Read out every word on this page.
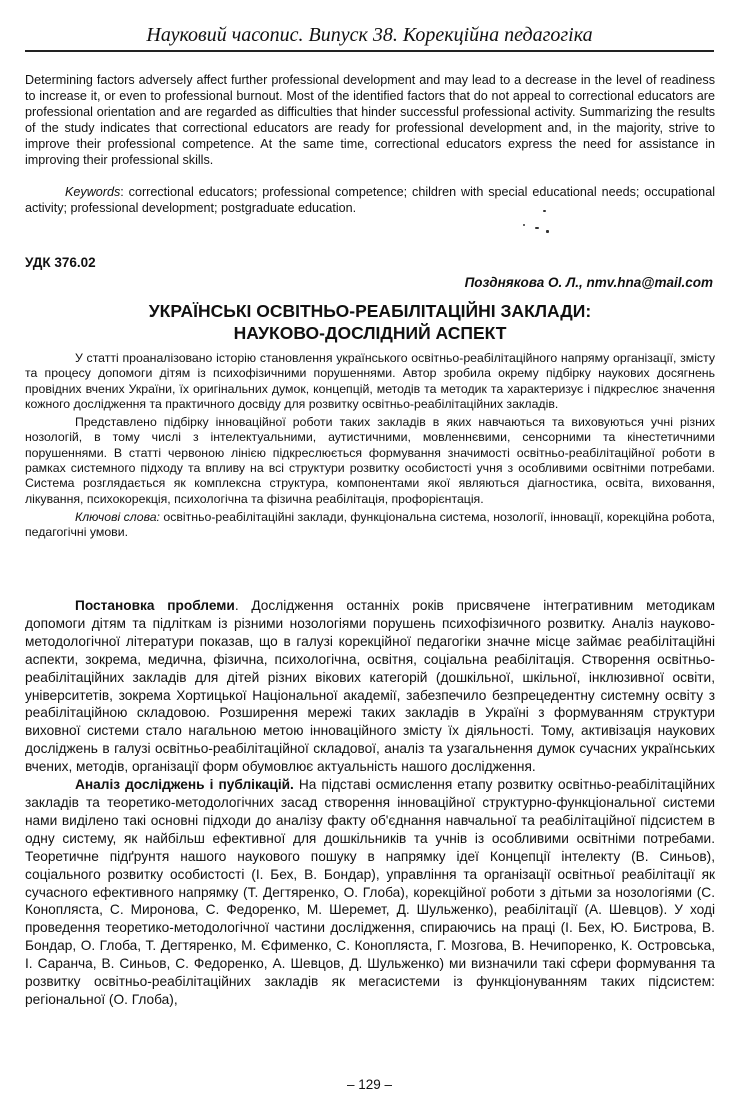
Науковий часопис. Випуск 38. Корекційна педагогіка

Determining factors adversely affect further professional development and may lead to a decrease in the level of readiness to increase it, or even to professional burnout. Most of the identified factors that do not appeal to correctional educators are professional orientation and are regarded as difficulties that hinder successful professional activity. Summarizing the results of the study indicates that correctional educators are ready for professional development and, in the majority, strive to improve their professional competence. At the same time, correctional educators express the need for assistance in improving their professional skills.

Keywords: correctional educators; professional competence; children with special educational needs; occupational activity; professional development; postgraduate education.

УДК 376.02
Позднякова О. Л., nmv.hna@mail.com
УКРАЇНСЬКІ ОСВІТНЬО-РЕАБІЛІТАЦІЙНІ ЗАКЛАДИ:
НАУКОВО-ДОСЛІДНИЙ АСПЕКТ

У статті проаналізовано історію становлення українського освітньо-реабілітаційного напряму організації, змісту та процесу допомоги дітям із психофізичними порушеннями. Автор зробила окрему підбірку наукових досягнень провідних вчених України, їх оригінальних думок, концепцій, методів та методик та характеризує і підкреслює значення кожного дослідження та практичного досвіду для розвитку освітньо-реабілітаційних закладів.

Представлено підбірку інноваційної роботи таких закладів в яких навчаються та виховуються учні різних нозологій, в тому числі з інтелектуальними, аутистичними, мовленнєвими, сенсорними та кінестетичними порушеннями. В статті червоною лінією підкреслюється формування значимості освітньо-реабілітаційної роботи в рамках системного підходу та впливу на всі структури розвитку особистості учня з особливими освітніми потребами. Система розглядається як комплексна структура, компонентами якої являються діагностика, освіта, виховання, лікування, психокорекція, психологічна та фізична реабілітація, профорієнтація.

Ключові слова: освітньо-реабілітаційні заклади, функціональна система, нозології, інновації, корекційна робота, педагогічні умови.

Постановка проблеми. Дослідження останніх років присвячене інтегративним методикам допомоги дітям та підліткам із різними нозологіями порушень психофізичного розвитку. Аналіз науково-методологічної літератури показав, що в галузі корекційної педагогіки значне місце займає реабілітаційні аспекти, зокрема, медична, фізична, психологічна, освітня, соціальна реабілітація. Створення освітньо-реабілітаційних закладів для дітей різних вікових категорій (дошкільної, шкільної, інклюзивної освіти, університетів, зокрема Хортицької Національної академії, забезпечило безпрецедентну системну освіту з реабілітаційною складовою. Розширення мережі таких закладів в Україні з формуванням структури виховної системи стало нагальною метою інноваційного змісту їх діяльності. Тому, активізація наукових досліджень в галузі освітньо-реабілітаційної складової, аналіз та узагальнення думок сучасних українських вчених, методів, організації форм обумовлює актуальність нашого дослідження.

Аналіз досліджень і публікацій. На підставі осмислення етапу розвитку освітньо-реабілітаційних закладів та теоретико-методологічних засад створення інноваційної структурно-функціональної системи нами виділено такі основні підходи до аналізу факту об'єднання навчальної та реабілітаційної підсистем в одну систему, як найбільш ефективної для дошкільників та учнів із особливими освітніми потребами. Теоретичне підґрунтя нашого наукового пошуку в напрямку ідеї Концепції інтелекту (В. Синьов), соціального розвитку особистості (І. Бех, В. Бондар), управління та організації освітньої реабілітації як сучасного ефективного напрямку (Т. Дегтяренко, О. Глоба), корекційної роботи з дітьми за нозологіями (С. Конопляста, С. Миронова, С. Федоренко, М. Шеремет, Д. Шульженко), реабілітації (А. Шевцов). У ході проведення теоретико-методологічної частини дослідження, спираючись на праці (І. Бех, Ю. Бистрова, В. Бондар, О. Глоба, Т. Дегтяренко, М. Єфименко, С. Конопляста, Г. Мозгова, В. Нечипоренко, К. Островська, І. Саранча, В. Синьов, С. Федоренко, А. Шевцов, Д. Шульженко) ми визначили такі сфери формування та розвитку освітньо-реабілітаційних закладів як мегасистеми із функціонуванням таких підсистем: регіональної (О. Глоба),

– 129 –
